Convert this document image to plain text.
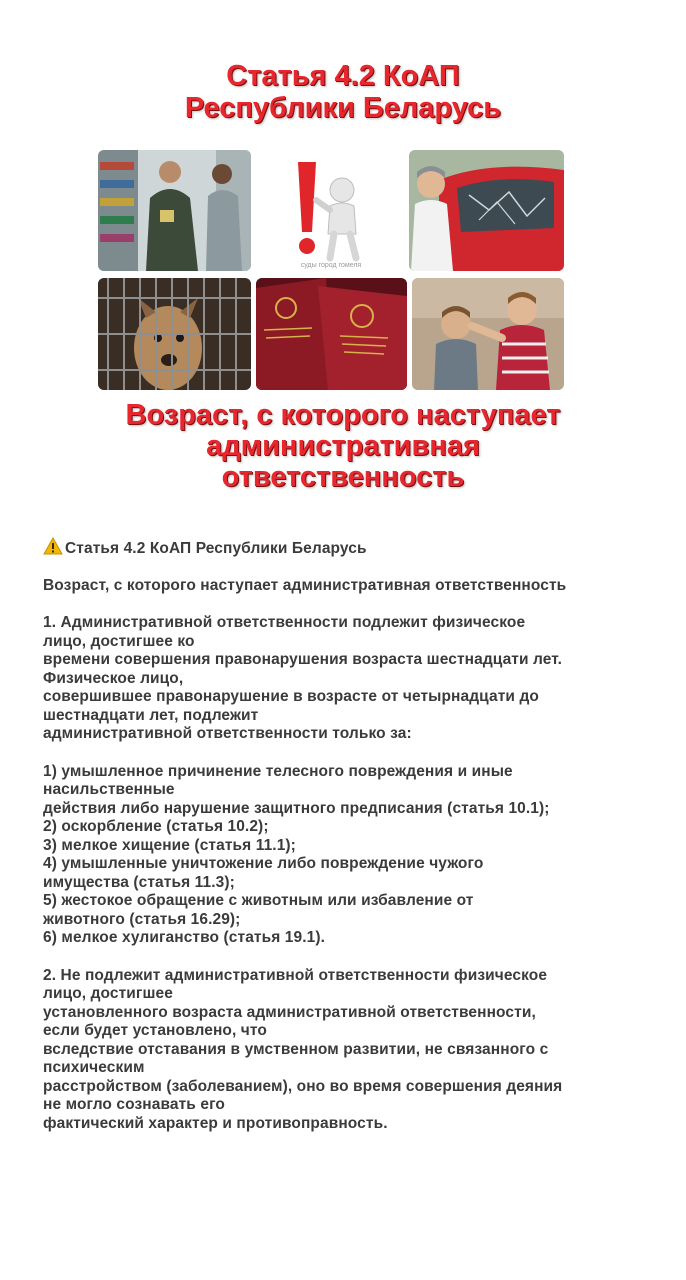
Статья 4.2 КоАП
Республики Беларусь
суды город гомеля
Возраст, с которого наступает
административная
ответственность

Статья 4.2 КоАП Республики Беларусь

Возраст, с которого наступает административная ответственность

1. Административной ответственности подлежит физическое

лицо, достигшее ко

времени совершения правонарушения возраста шестнадцати лет.

Физическое лицо,

совершившее правонарушение в возрасте от четырнадцати до

шестнадцати лет, подлежит

административной ответственности только за:

1) умышленное причинение телесного повреждения и иные

насильственные

действия либо нарушение защитного предписания (статья 10.1);

2) оскорбление (статья 10.2);

3) мелкое хищение (статья 11.1);

4) умышленные уничтожение либо повреждение чужого

имущества (статья 11.3);

5) жестокое обращение с животным или избавление от

животного (статья 16.29);

6) мелкое хулиганство (статья 19.1).

2. Не подлежит административной ответственности физическое

лицо, достигшее

установленного возраста административной ответственности,

если будет установлено, что

вследствие отставания в умственном развитии, не связанного с

психическим

расстройством (заболеванием), оно во время совершения деяния

не могло сознавать его

фактический характер и противоправность.
